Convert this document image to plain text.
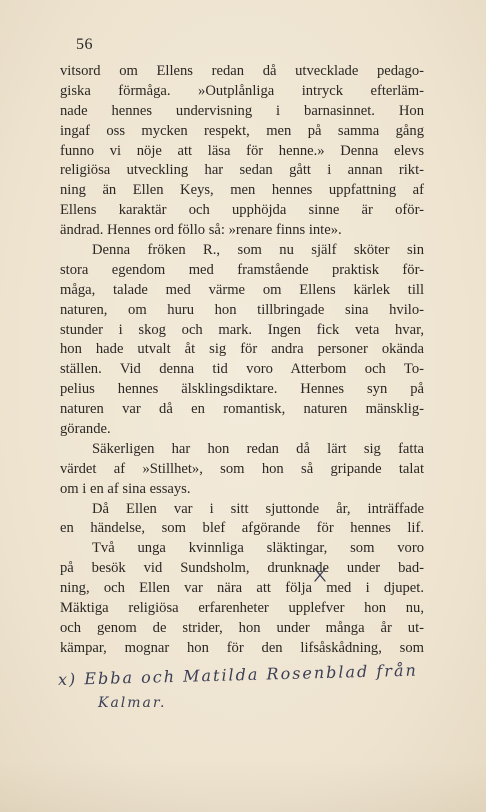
56
vitsord om Ellens redan då utvecklade pedago-
giska förmåga. »Outplånliga intryck efterläm-
nade hennes undervisning i barnasinnet. Hon
ingaf oss mycken respekt, men på samma gång
funno vi nöje att läsa för henne.» Denna elevs
religiösa utveckling har sedan gått i annan rikt-
ning än Ellen Keys, men hennes uppfattning af
Ellens karaktär och upphöjda sinne är oför-
ändrad. Hennes ord föllo så: »renare finns inte».
Denna fröken R., som nu själf sköter sin
stora egendom med framstående praktisk för-
måga, talade med värme om Ellens kärlek till
naturen, om huru hon tillbringade sina hvilo-
stunder i skog och mark. Ingen fick veta hvar,
hon hade utvalt åt sig för andra personer okända
ställen. Vid denna tid voro Atterbom och To-
pelius hennes älsklingsdiktare. Hennes syn på
naturen var då en romantisk, naturen mänsklig-
görande.
Säkerligen har hon redan då lärt sig fatta
värdet af »Stillhet», som hon så gripande talat
om i en af sina essays.
Då Ellen var i sitt sjuttonde år, inträffade
en händelse, som blef afgörande för hennes lif.
Två unga kvinnliga släktingar, som voro
på besök vid Sundsholm, drunknade under bad-
ning, och Ellen var nära att följa med i djupet.
Mäktiga religiösa erfarenheter upplefver hon nu,
och genom de strider, hon under många år ut-
kämpar, mognar hon för den lifsåskådning, som
x) Ebba och Matilda Rosenblad från
Kalmar.
